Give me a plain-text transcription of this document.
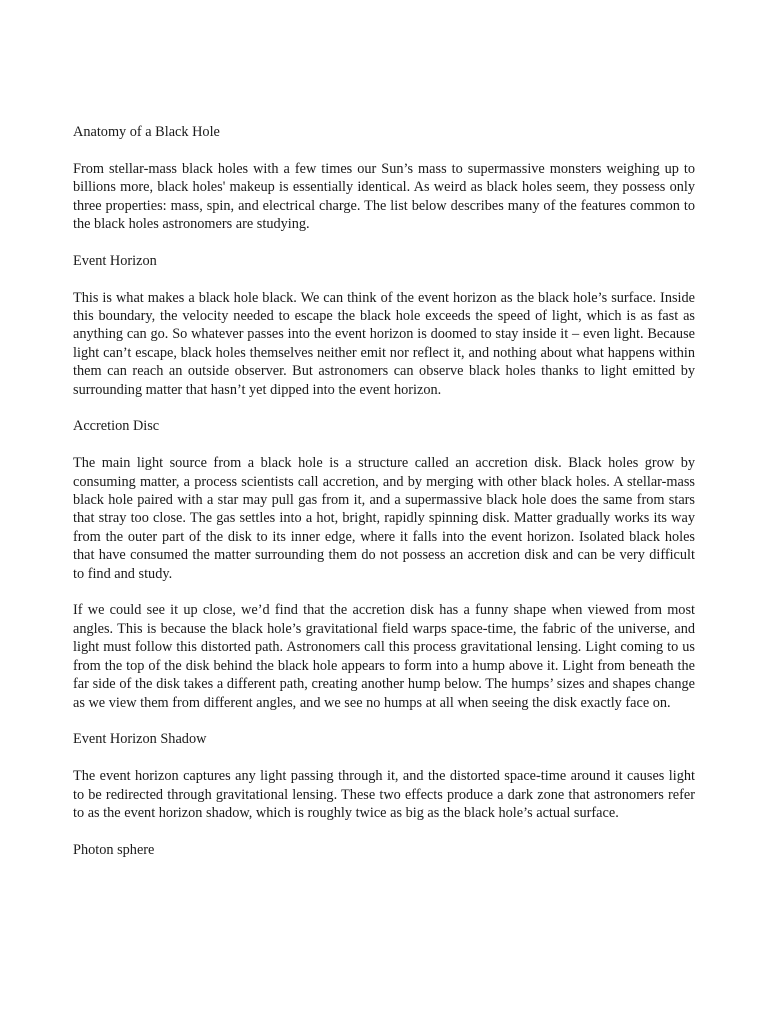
Anatomy of a Black Hole

From stellar-mass black holes with a few times our Sun’s mass to supermassive monsters weighing up to billions more, black holes' makeup is essentially identical. As weird as black holes seem, they possess only three properties: mass, spin, and electrical charge. The list below describes many of the features common to the black holes astronomers are studying.

Event Horizon

This is what makes a black hole black. We can think of the event horizon as the black hole’s surface. Inside this boundary, the velocity needed to escape the black hole exceeds the speed of light, which is as fast as anything can go. So whatever passes into the event horizon is doomed to stay inside it – even light. Because light can’t escape, black holes themselves neither emit nor reflect it, and nothing about what happens within them can reach an outside observer. But astronomers can observe black holes thanks to light emitted by surrounding matter that hasn’t yet dipped into the event horizon.

Accretion Disc

The main light source from a black hole is a structure called an accretion disk. Black holes grow by consuming matter, a process scientists call accretion, and by merging with other black holes. A stellar-mass black hole paired with a star may pull gas from it, and a supermassive black hole does the same from stars that stray too close. The gas settles into a hot, bright, rapidly spinning disk. Matter gradually works its way from the outer part of the disk to its inner edge, where it falls into the event horizon. Isolated black holes that have consumed the matter surrounding them do not possess an accretion disk and can be very difficult to find and study.

If we could see it up close, we’d find that the accretion disk has a funny shape when viewed from most angles. This is because the black hole’s gravitational field warps space-time, the fabric of the universe, and light must follow this distorted path. Astronomers call this process gravitational lensing. Light coming to us from the top of the disk behind the black hole appears to form into a hump above it. Light from beneath the far side of the disk takes a different path, creating another hump below. The humps’ sizes and shapes change as we view them from different angles, and we see no humps at all when seeing the disk exactly face on.

Event Horizon Shadow

The event horizon captures any light passing through it, and the distorted space-time around it causes light to be redirected through gravitational lensing. These two effects produce a dark zone that astronomers refer to as the event horizon shadow, which is roughly twice as big as the black hole’s actual surface.

Photon sphere
